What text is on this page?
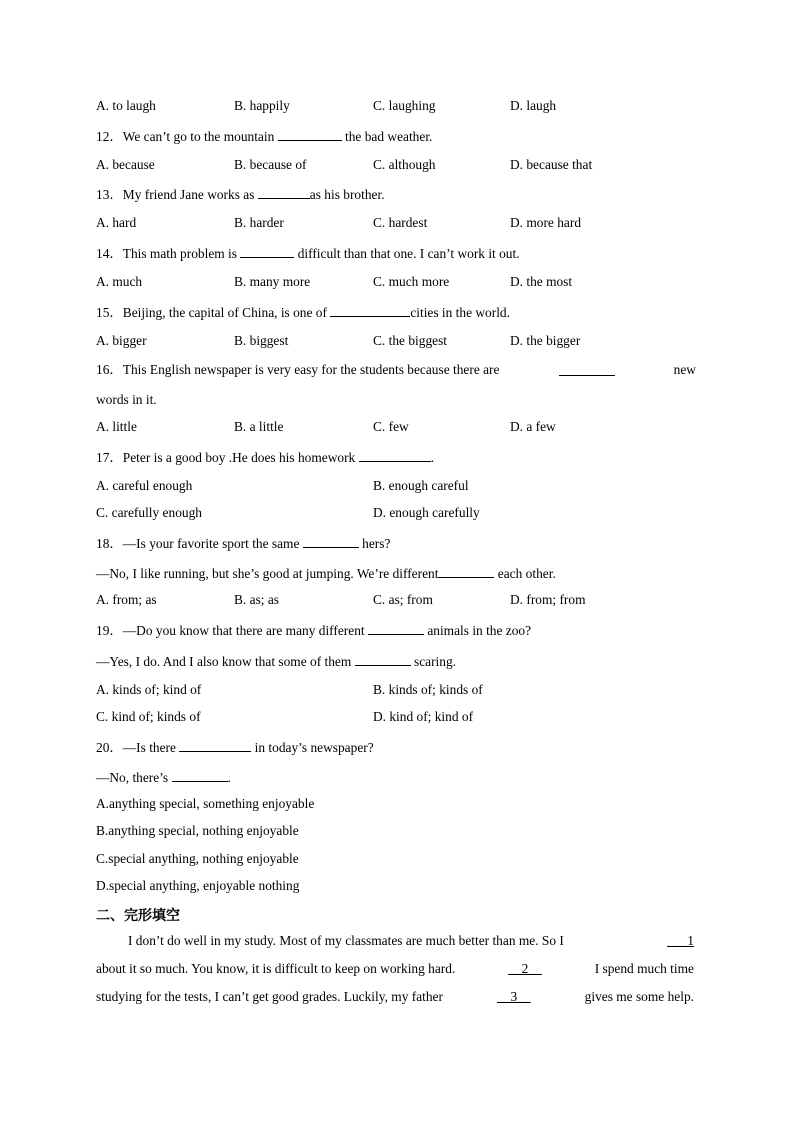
A. to laugh	B. happily	C. laughing	D. laugh
12．We can’t go to the mountain	the bad weather.
A. because	B. because of	C. although	D. because that
13．My friend Jane works as	as his brother.
A. hard	B. harder	C. hardest	D. more hard
14．This math problem is	difficult than that one. I can’t work it out.
A. much	B. many more	C. much more	D. the most
15．Beijing, the capital of China, is one of	cities in the world.
A. bigger	B. biggest	C. the biggest	D. the bigger
16．This English newspaper is very easy for the students because there are	new
words in it.
A. little	B. a little	C. few	D. a few
17．Peter is a good boy .He does his homework	.
A. careful enough	B. enough careful
C. carefully enough	D. enough carefully
18．—Is your favorite sport the same	hers?
—No, I like running, but she’s good at jumping. We’re different	each other.
A. from; as	B. as; as	C. as; from	D. from; from
19．—Do you know that there are many different	animals in the zoo?
—Yes, I do. And I also know that some of them	scaring.
A. kinds of; kind of	B. kinds of; kinds of
C. kind of; kinds of	D. kind of; kind of
20．—Is there	in today’s newspaper?
—No, there’s	.
A.anything special, something enjoyable
B.anything special, nothing enjoyable
C.special anything, nothing enjoyable
D.special anything, enjoyable nothing
二、完形填空
I don’t do well in my study. Most of my classmates are much better than me. So I	___1
about it so much. You know, it is difficult to keep on working hard.	__2__	I spend much time
studying for the tests, I can’t get good grades. Luckily, my father	__3__	gives me some help.
